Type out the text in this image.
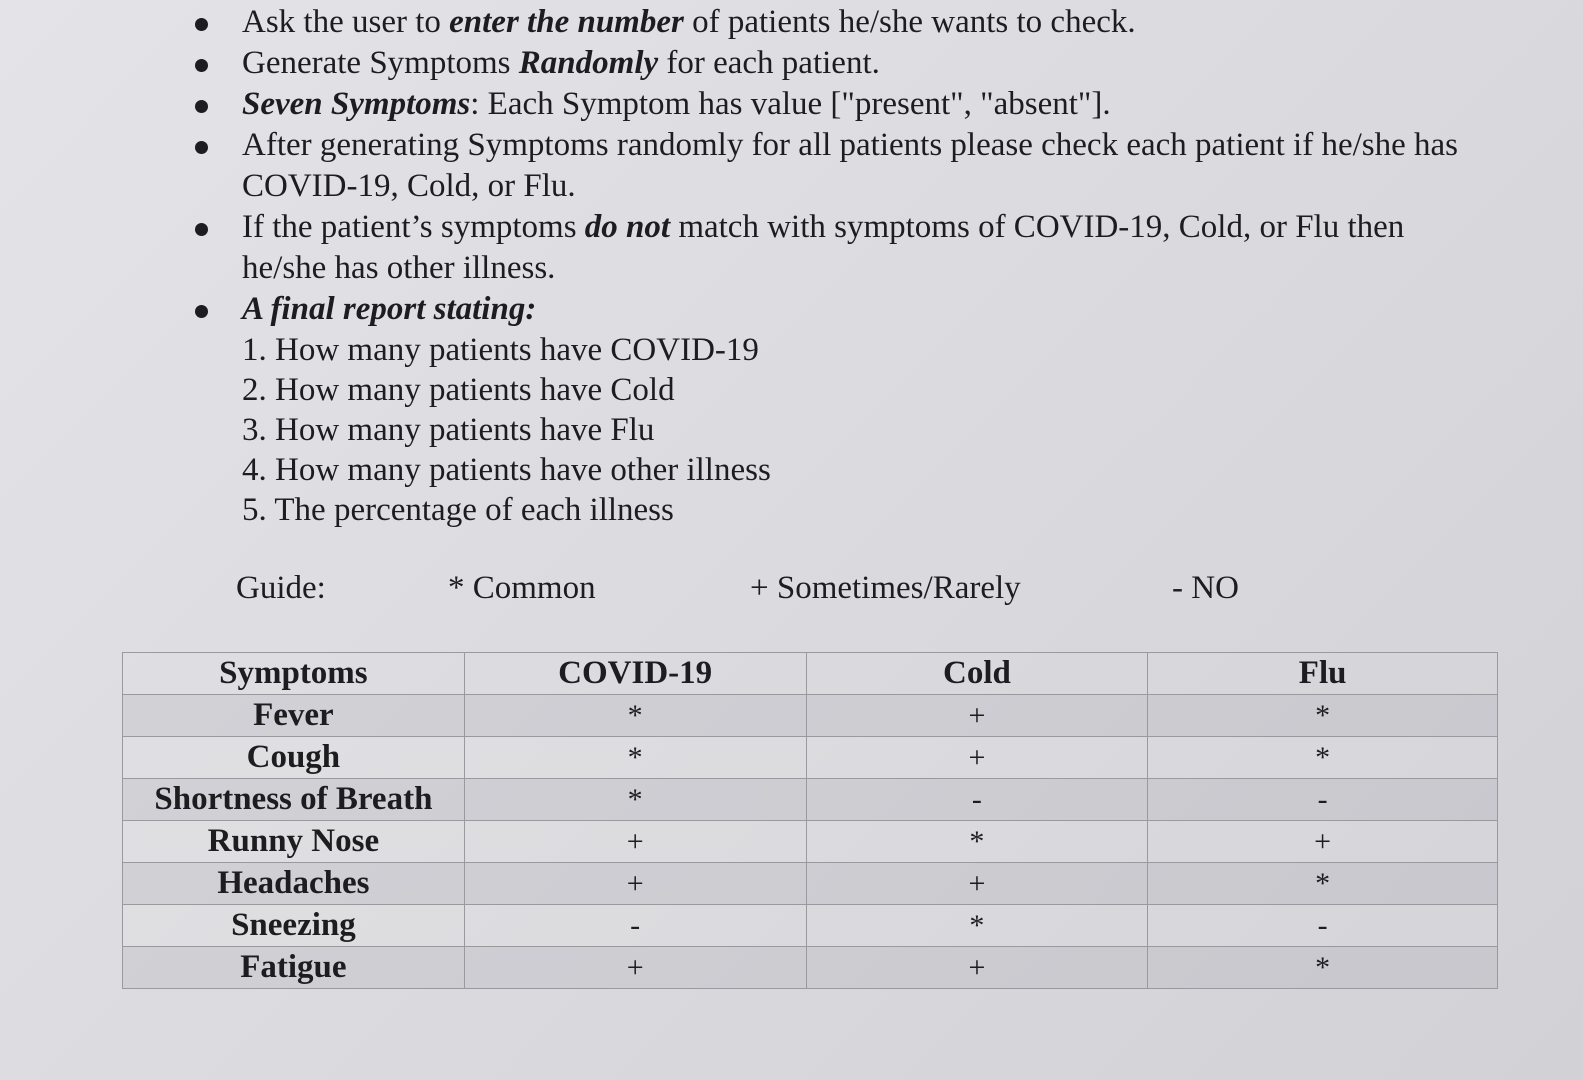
Ask the user to enter the number of patients he/she wants to check.
Generate Symptoms Randomly for each patient.
Seven Symptoms: Each Symptom has value ["present", "absent"].
After generating Symptoms randomly for all patients please check each patient if he/she has COVID-19, Cold, or Flu.
If the patient’s symptoms do not match with symptoms of COVID-19, Cold, or Flu then he/she has other illness.
A final report stating:
1. How many patients have COVID-19
2. How many patients have Cold
3. How many patients have Flu
4. How many patients have other illness
5. The percentage of each illness
Guide:	* Common	+ Sometimes/Rarely	- NO
Symptoms	COVID-19	Cold	Flu
Fever	*	+	*
Cough	*	+	*
Shortness of Breath	*	-	-
Runny Nose	+	*	+
Headaches	+	+	*
Sneezing	-	*	-
Fatigue	+	+	*
